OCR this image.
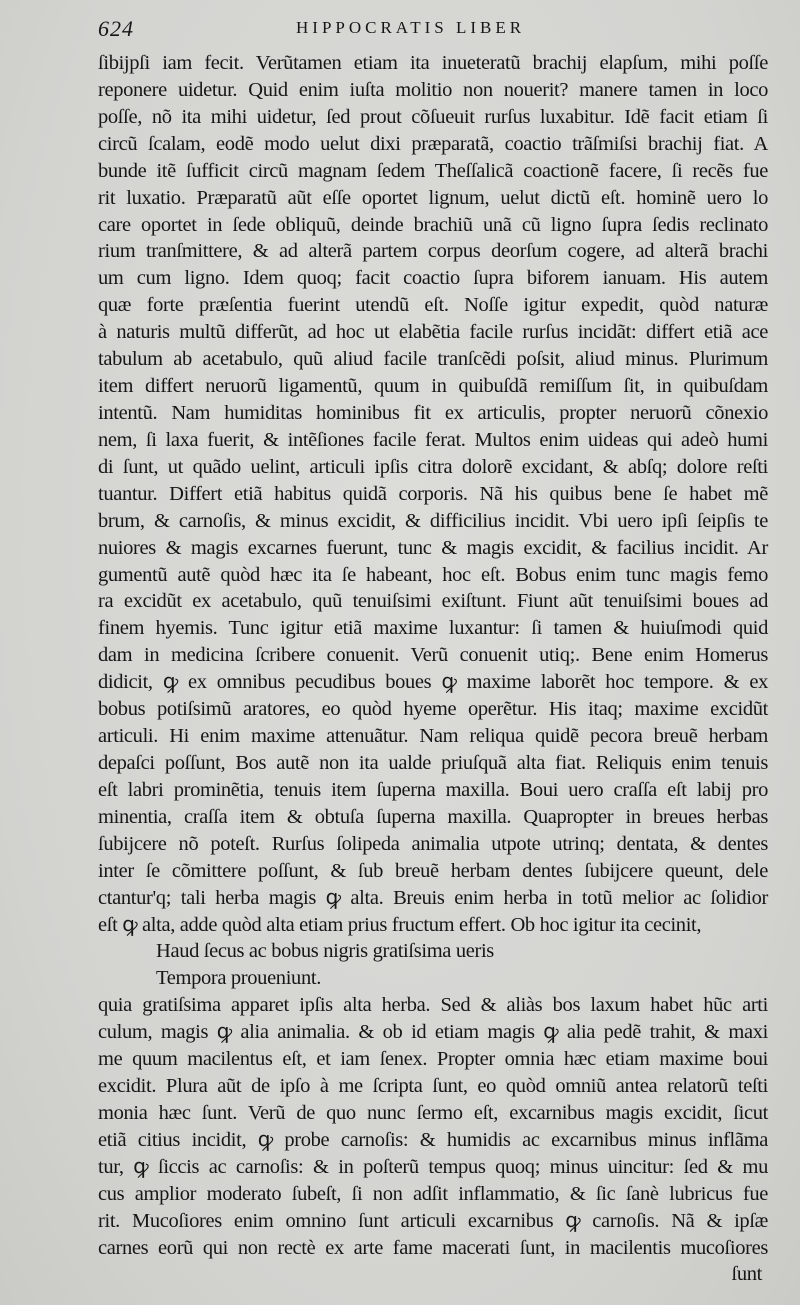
624	HIPPOCRATIS LIBER
ſibijpſi iam fecit. Verũtamen etiam ita inueteratũ brachij elapſum, mihi poſſe
reponere uidetur. Quid enim iuſta molitio non nouerit? manere tamen in loco
poſſe, nõ ita mihi uidetur, ſed prout cõſueuit rurſus luxabitur. Idẽ facit etiam ſi
circũ ſcalam, eodẽ modo uelut dixi præparatã, coactio trãſmiſsi brachij fiat. A
bunde itẽ ſufficit circũ magnam ſedem Theſſalicã coactionẽ facere, ſi recẽs fue
rit luxatio. Præparatũ aũt eſſe oportet lignum, uelut dictũ eſt. hominẽ uero lo
care oportet in ſede obliquũ, deinde brachiũ unã cũ ligno ſupra ſedis reclinato
rium tranſmittere, & ad alterã partem corpus deorſum cogere, ad alterã brachi
um cum ligno. Idem quoq; facit coactio ſupra biforem ianuam. His autem
quæ forte præſentia fuerint utendũ eſt. Noſſe igitur expedit, quòd naturæ
à naturis multũ differũt, ad hoc ut elabẽtia facile rurſus incidãt: differt etiã ace
tabulum ab acetabulo, quũ aliud facile tranſcẽdi poſsit, aliud minus. Plurimum
item differt neruorũ ligamentũ, quum in quibuſdã remiſſum ſit, in quibuſdam
intentũ. Nam humiditas hominibus fit ex articulis, propter neruorũ cõnexio
nem, ſi laxa fuerit, & intẽſiones facile ferat. Multos enim uideas qui adeò humi
di ſunt, ut quãdo uelint, articuli ipſis citra dolorẽ excidant, & abſq; dolore reſti
tuantur. Differt etiã habitus quidã corporis. Nã his quibus bene ſe habet mẽ
brum, & carnoſis, & minus excidit, & difficilius incidit. Vbi uero ipſi ſeipſis te
nuiores & magis excarnes fuerunt, tunc & magis excidit, & facilius incidit. Ar
gumentũ autẽ quòd hæc ita ſe habeant, hoc eſt. Bobus enim tunc magis femo
ra excidũt ex acetabulo, quũ tenuiſsimi exiſtunt. Fiunt aũt tenuiſsimi boues ad
finem hyemis. Tunc igitur etiã maxime luxantur: ſi tamen & huiuſmodi quid
dam in medicina ſcribere conuenit. Verũ conuenit utiq;. Bene enim Homerus
didicit, ꝙ ex omnibus pecudibus boues ꝙ maxime laborẽt hoc tempore. & ex
bobus potiſsimũ aratores, eo quòd hyeme operẽtur. His itaq; maxime excidũt
articuli. Hi enim maxime attenuãtur. Nam reliqua quidẽ pecora breuẽ herbam
depaſci poſſunt, Bos autẽ non ita ualde priuſquã alta fiat. Reliquis enim tenuis
eſt labri prominẽtia, tenuis item ſuperna maxilla. Boui uero craſſa eſt labij pro
minentia, craſſa item & obtuſa ſuperna maxilla. Quapropter in breues herbas
ſubijcere nõ poteſt. Rurſus ſolipeda animalia utpote utrinq; dentata, & dentes
inter ſe cõmittere poſſunt, & ſub breuẽ herbam dentes ſubijcere queunt, dele
ctantur'q; tali herba magis ꝙ alta. Breuis enim herba in totũ melior ac ſolidior
eſt ꝙ alta, adde quòd alta etiam prius fructum effert. Ob hoc igitur ita cecinit,
Haud ſecus ac bobus nigris gratiſsima ueris
Tempora proueniunt.
quia gratiſsima apparet ipſis alta herba. Sed & aliàs bos laxum habet hũc arti
culum, magis ꝙ alia animalia. & ob id etiam magis ꝙ alia pedẽ trahit, & maxi
me quum macilentus eſt, et iam ſenex. Propter omnia hæc etiam maxime boui
excidit. Plura aũt de ipſo à me ſcripta ſunt, eo quòd omniũ antea relatorũ teſti
monia hæc ſunt. Verũ de quo nunc ſermo eſt, excarnibus magis excidit, ſicut
etiã citius incidit, ꝙ probe carnoſis: & humidis ac excarnibus minus inflãma
tur, ꝙ ſiccis ac carnoſis: & in poſterũ tempus quoq; minus uincitur: ſed & mu
cus amplior moderato ſubeſt, ſi non adſit inflammatio, & ſic ſanè lubricus fue
rit. Mucoſiores enim omnino ſunt articuli excarnibus ꝙ carnoſis. Nã & ipſæ
carnes eorũ qui non rectè ex arte fame macerati ſunt, in macilentis mucoſiores
ſunt
